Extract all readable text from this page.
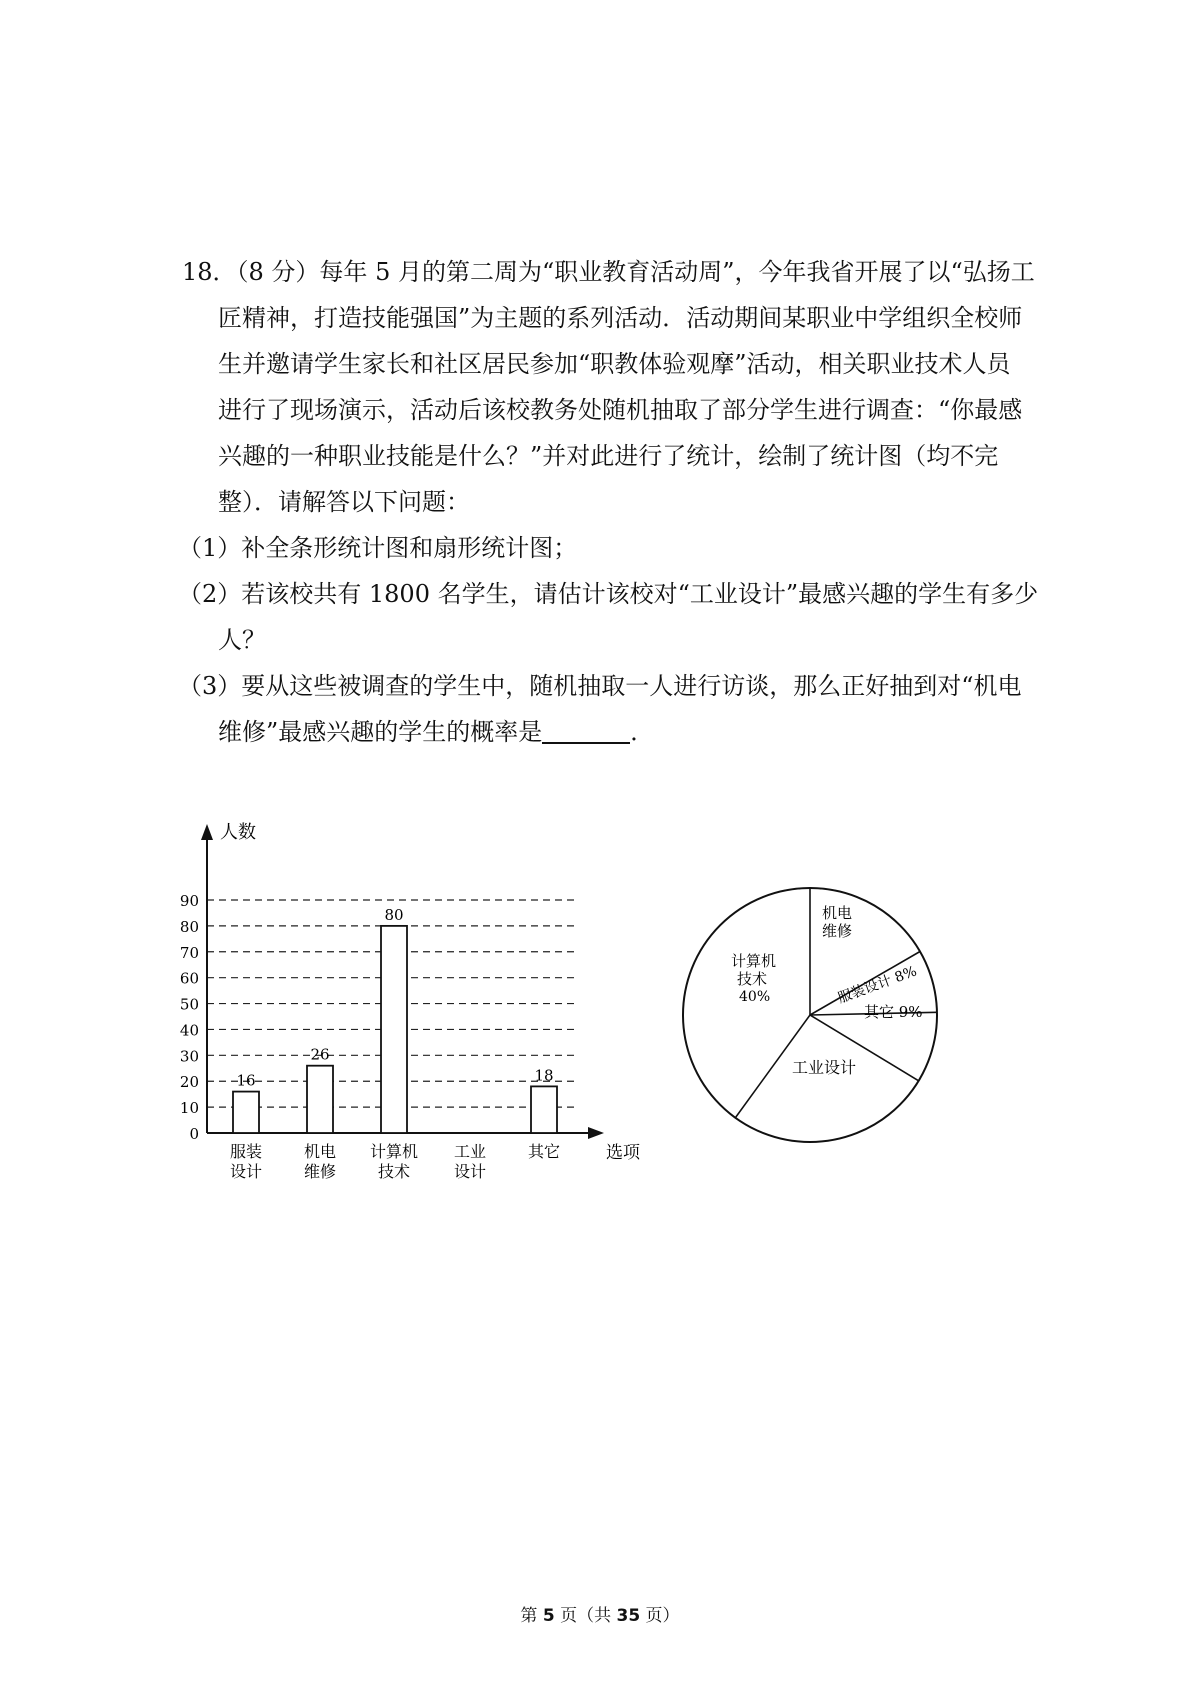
18．（8 分）每年 5 月的第二周为“职业教育活动周”，今年我省开展了以“弘扬工
匠精神，打造技能强国”为主题的系列活动．活动期间某职业中学组织全校师
生并邀请学生家长和社区居民参加“职教体验观摩”活动，相关职业技术人员
进行了现场演示，活动后该校教务处随机抽取了部分学生进行调查：“你最感
兴趣的一种职业技能是什么？”并对此进行了统计，绘制了统计图（均不完
整）．请解答以下问题：
（1）补全条形统计图和扇形统计图；
（2）若该校共有 1800 名学生，请估计该校对“工业设计”最感兴趣的学生有多少
人？
（3）要从这些被调查的学生中，随机抽取一人进行访谈，那么正好抽到对“机电
维修”最感兴趣的学生的概率是	．
0
10
20
30
40
50
60
70
80
90
人数
选项
16
26
80
18
服装
设计
机电
维修
计算机
技术
工业
设计
其它
机电
维修
服装设计 8%
其它 9%
工业设计
计算机
技术
40%
第 5 页（共 35 页）
